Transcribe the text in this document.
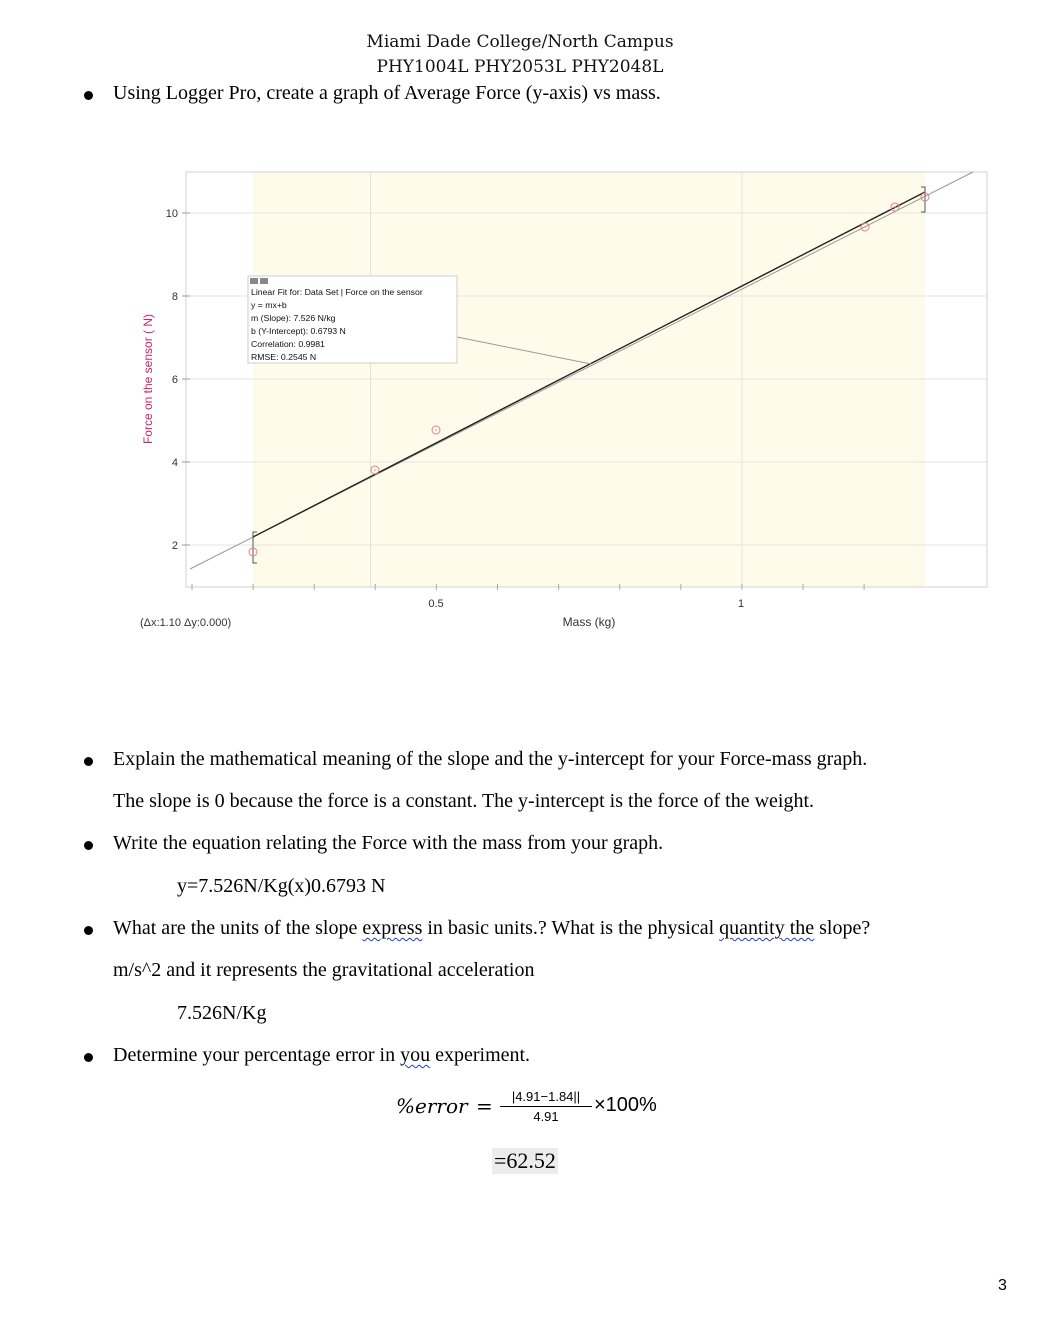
Miami Dade College/North Campus
PHY1004L PHY2053L PHY2048L
Using Logger Pro, create a graph of Average Force (y-axis) vs mass.
2
4
6
8
10
0.5	1
Mass (kg)
Force on the sensor ( N)
(Δx:1.10 Δy:0.000)
Linear Fit for: Data Set | Force on the sensor
y = mx+b
m (Slope): 7.526 N/kg
b (Y-Intercept): 0.6793 N
Correlation: 0.9981
RMSE: 0.2545 N
Explain the mathematical meaning of the slope and the y-intercept for your Force-mass graph.
The slope is 0 because the force is a constant. The y-intercept is the force of the weight.
Write the equation relating the Force with the mass from your graph.
y=7.526N/Kg(x)0.6793 N
What are the units of the slope express in basic units.? What is the physical quantity the slope?
m/s^2 and it represents the gravitational acceleration
7.526N/Kg
Determine your percentage error in you experiment.
%error =	|4.91−1.84||
4.91
×100%
=62.52
3
